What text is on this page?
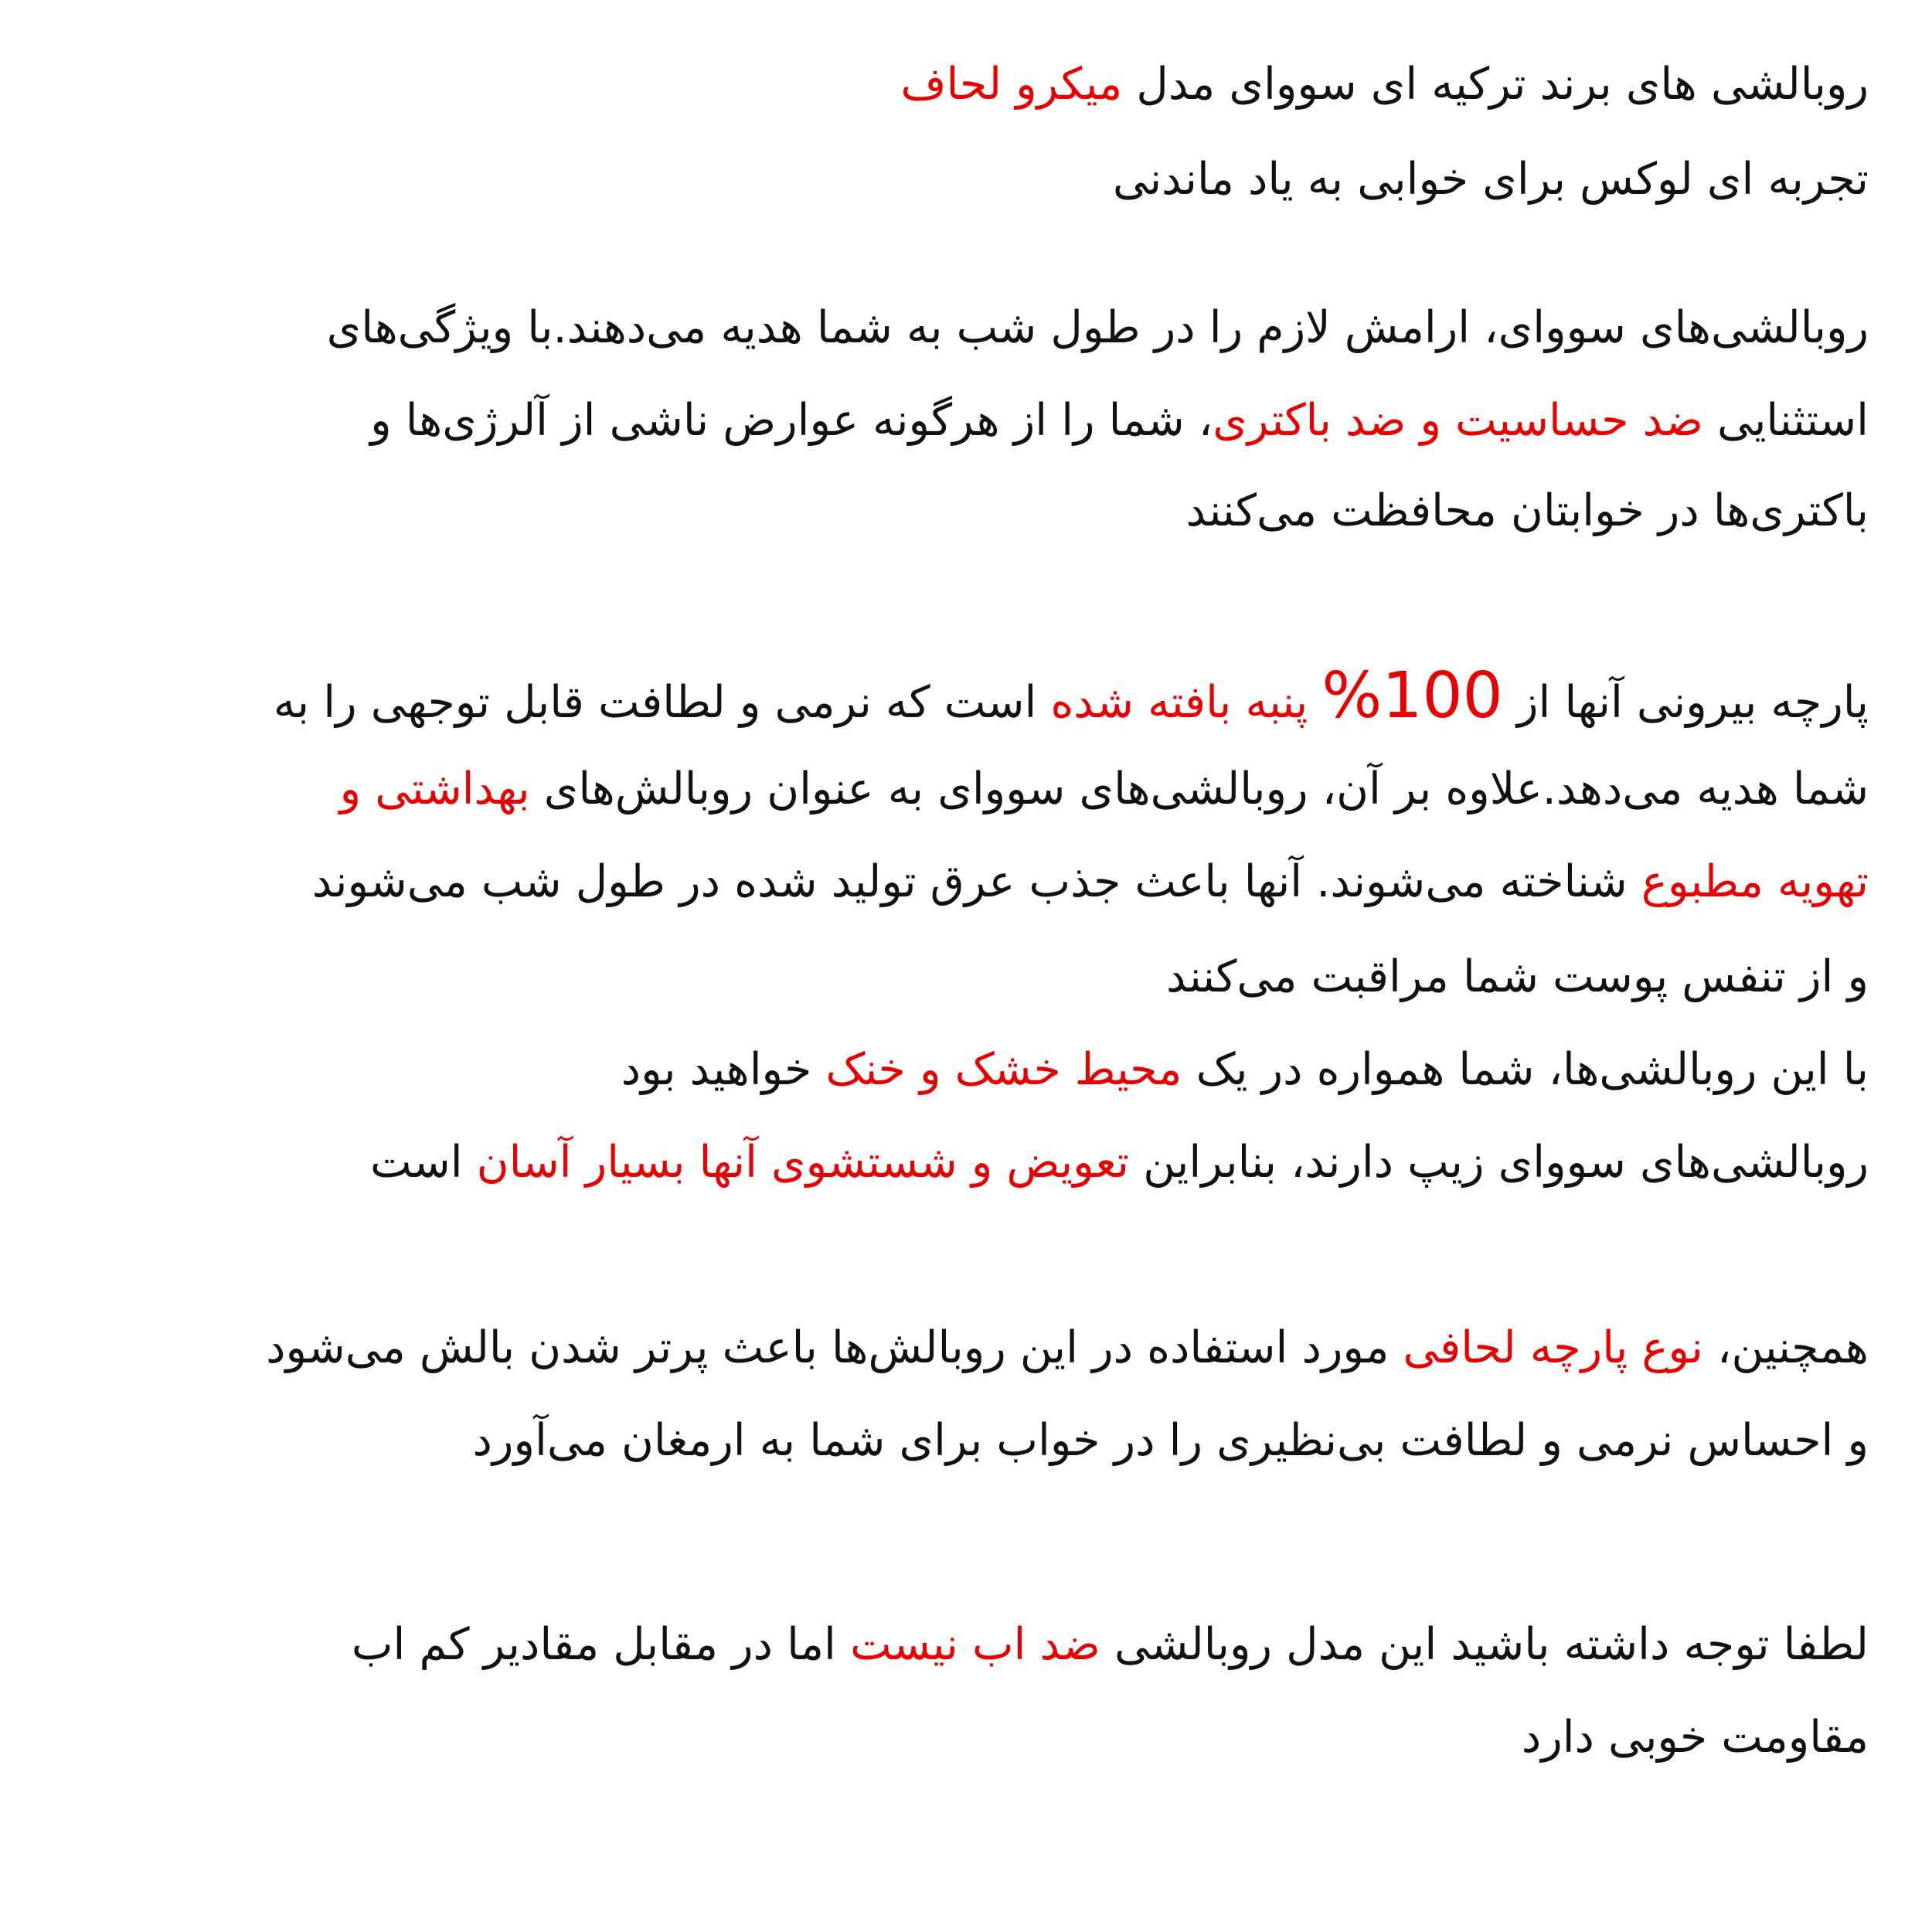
روبالشی های برند ترکیه ای سووای مدل میکرو لحاف
تجربه ای لوکس برای خوابی به یاد ماندنی
روبالشی‌های سووای، ارامش لازم را در طول شب به شما هدیه می‌دهند.با ویژگی‌های
استثنایی ضد حساسیت و ضد باکتری، شما را از هرگونه عوارض ناشی از آلرژی‌ها و
باکتری‌ها در خوابتان محافظت می‌کنند
پارچه بیرونی آنها از 100% پنبه بافته شده است که نرمی و لطافت قابل توجهی را به
شما هدیه می‌دهد.علاوه بر آن، روبالشی‌های سووای به عنوان روبالش‌های بهداشتی و
تهویه مطبوع شناخته می‌شوند. آنها باعث جذب عرق تولید شده در طول شب می‌شوند
و از تنفس پوست شما مراقبت می‌کنند
با این روبالشی‌ها، شما همواره در یک محیط خشک و خنک خواهید بود
روبالشی‌های سووای زیپ دارند، بنابراین تعویض و شستشوی آنها بسیار آسان است
همچنین، نوع پارچه لحافی مورد استفاده در این روبالش‌ها باعث پرتر شدن بالش می‌شود
و احساس نرمی و لطافت بی‌نظیری را در خواب برای شما به ارمغان می‌آورد
لطفا توجه داشته باشید این مدل روبالشی ضد اب نیست اما در مقابل مقادیر کم اب
مقاومت خوبی دارد
